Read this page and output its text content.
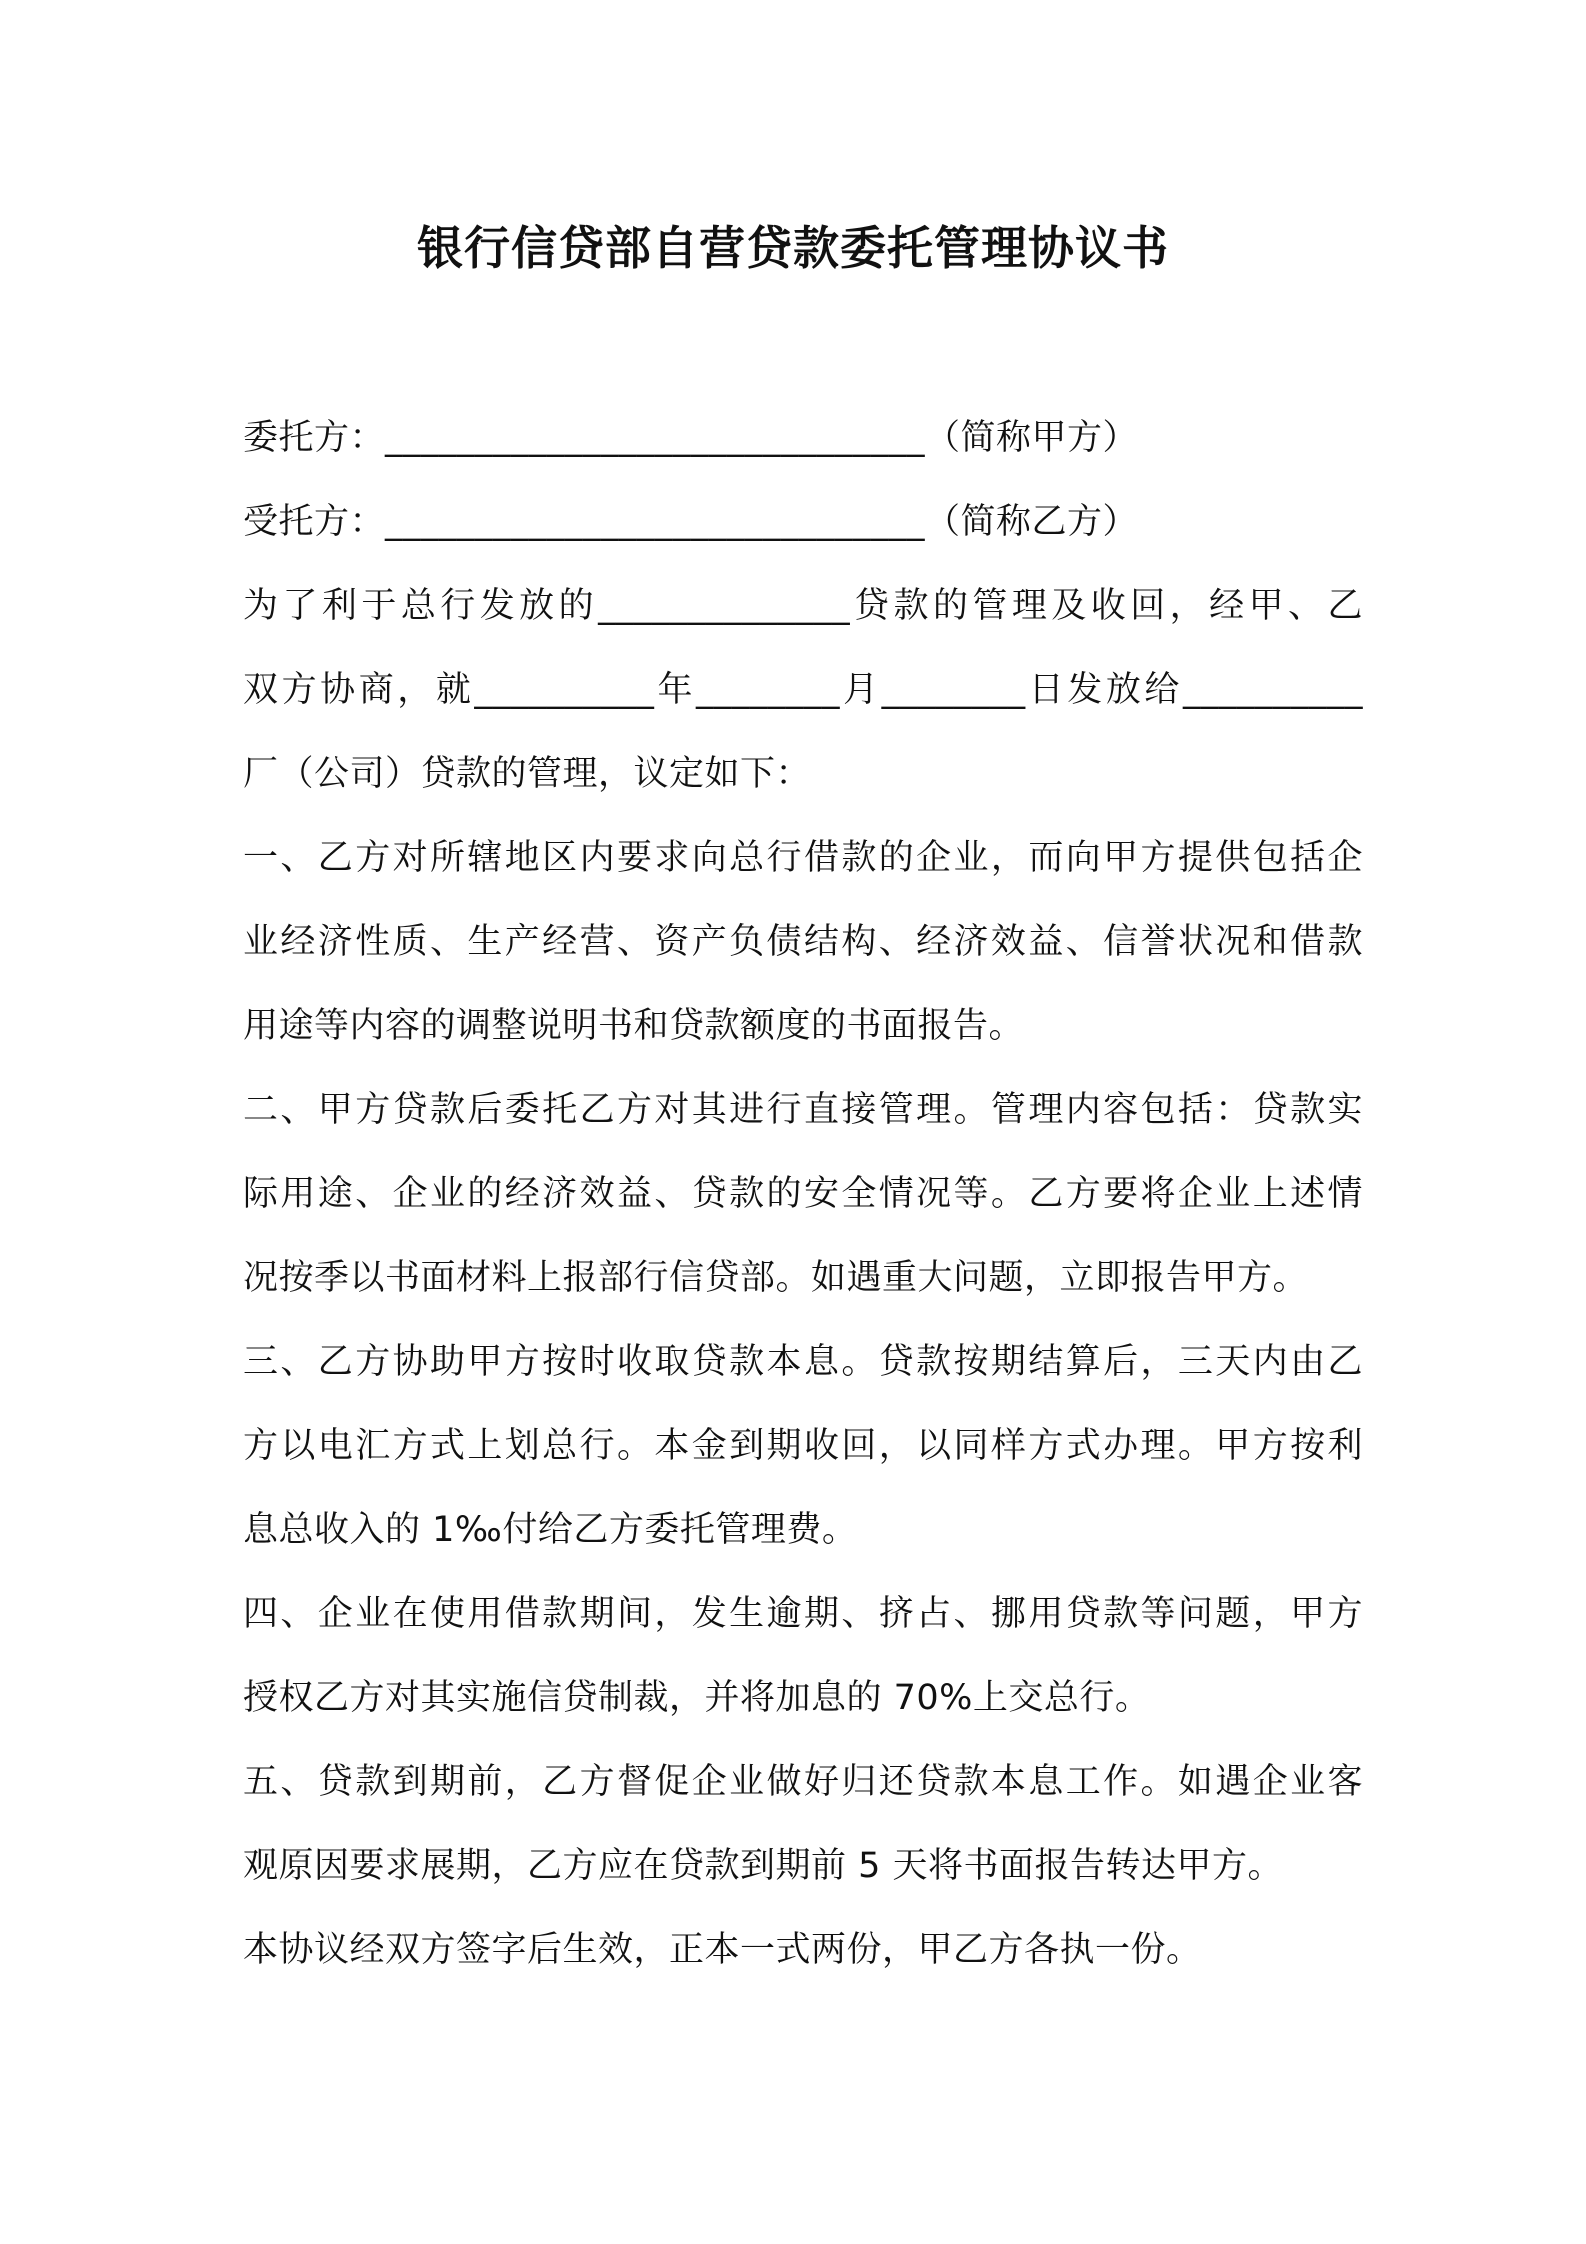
银行信贷部自营贷款委托管理协议书
委托方：______________________________（简称甲方）
受托方：______________________________（简称乙方）
为了利于总行发放的______________贷款的管理及收回，经甲、乙
双方协商，就__________年________月________日发放给__________
厂（公司）贷款的管理，议定如下：
一、乙方对所辖地区内要求向总行借款的企业，而向甲方提供包括企
业经济性质、生产经营、资产负债结构、经济效益、信誉状况和借款
用途等内容的调整说明书和贷款额度的书面报告。
二、甲方贷款后委托乙方对其进行直接管理。管理内容包括：贷款实
际用途、企业的经济效益、贷款的安全情况等。乙方要将企业上述情
况按季以书面材料上报部行信贷部。如遇重大问题，立即报告甲方。
三、乙方协助甲方按时收取贷款本息。贷款按期结算后，三天内由乙
方以电汇方式上划总行。本金到期收回，以同样方式办理。甲方按利
息总收入的 1‰付给乙方委托管理费。
四、企业在使用借款期间，发生逾期、挤占、挪用贷款等问题，甲方
授权乙方对其实施信贷制裁，并将加息的 70%上交总行。
五、贷款到期前，乙方督促企业做好归还贷款本息工作。如遇企业客
观原因要求展期，乙方应在贷款到期前 5 天将书面报告转达甲方。
本协议经双方签字后生效，正本一式两份，甲乙方各执一份。
